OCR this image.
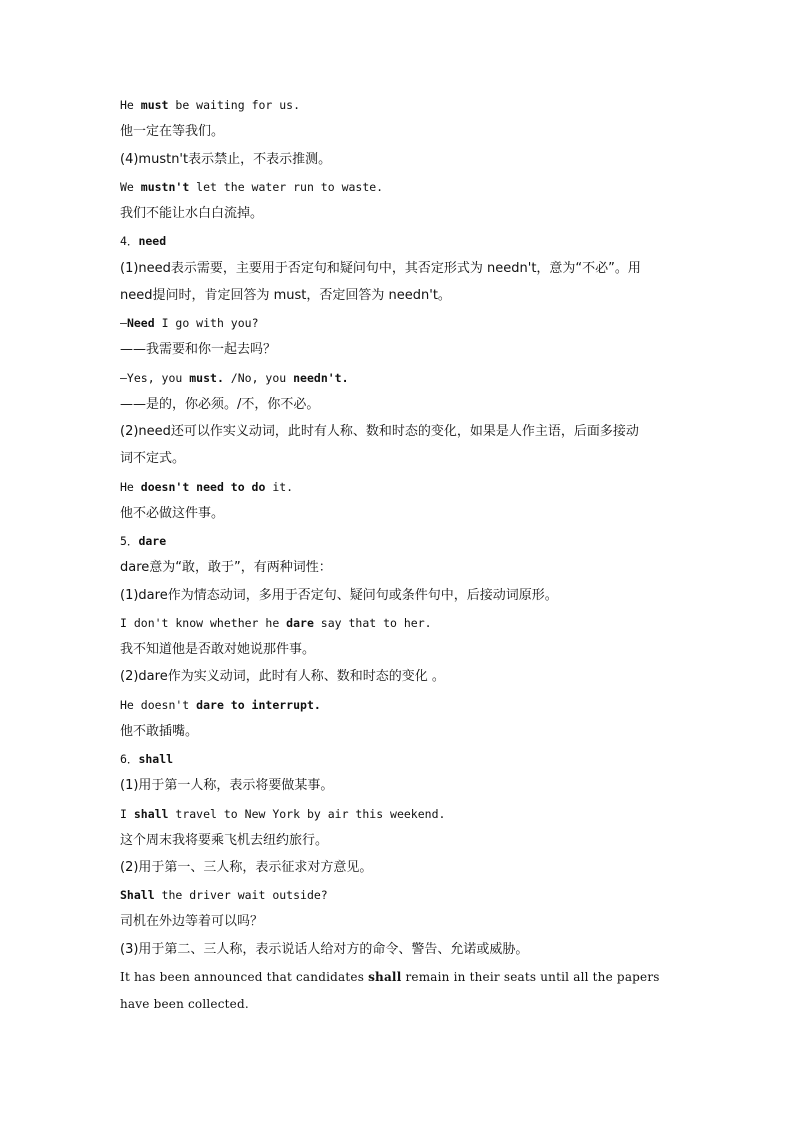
He must be waiting for us.
他一定在等我们。
(4)mustn't表示禁止，不表示推测。
We mustn't let the water run to waste.
我们不能让水白白流掉。
4．need
(1)need表示需要，主要用于否定句和疑问句中，其否定形式为 needn't，意为“不必”。用
need提问时，肯定回答为 must，否定回答为 needn't。
—Need I go with you?
——我需要和你一起去吗？
—Yes, you must. /No, you needn't.
——是的，你必须。/不，你不必。
(2)need还可以作实义动词，此时有人称、数和时态的变化，如果是人作主语，后面多接动
词不定式。
He doesn't need to do it.
他不必做这件事。
5．dare
dare意为“敢，敢于”，有两种词性：
(1)dare作为情态动词，多用于否定句、疑问句或条件句中，后接动词原形。
I don't know whether he dare say that to her.
我不知道他是否敢对她说那件事。
(2)dare作为实义动词，此时有人称、数和时态的变化 。
He doesn't dare to interrupt.
他不敢插嘴。
6．shall
(1)用于第一人称，表示将要做某事。
I shall travel to New York by air this weekend.
这个周末我将要乘飞机去纽约旅行。
(2)用于第一、三人称，表示征求对方意见。
Shall the driver wait outside?
司机在外边等着可以吗？
(3)用于第二、三人称，表示说话人给对方的命令、警告、允诺或威胁。
It has been announced that candidates shall remain in their seats until all the papers
have been collected.
